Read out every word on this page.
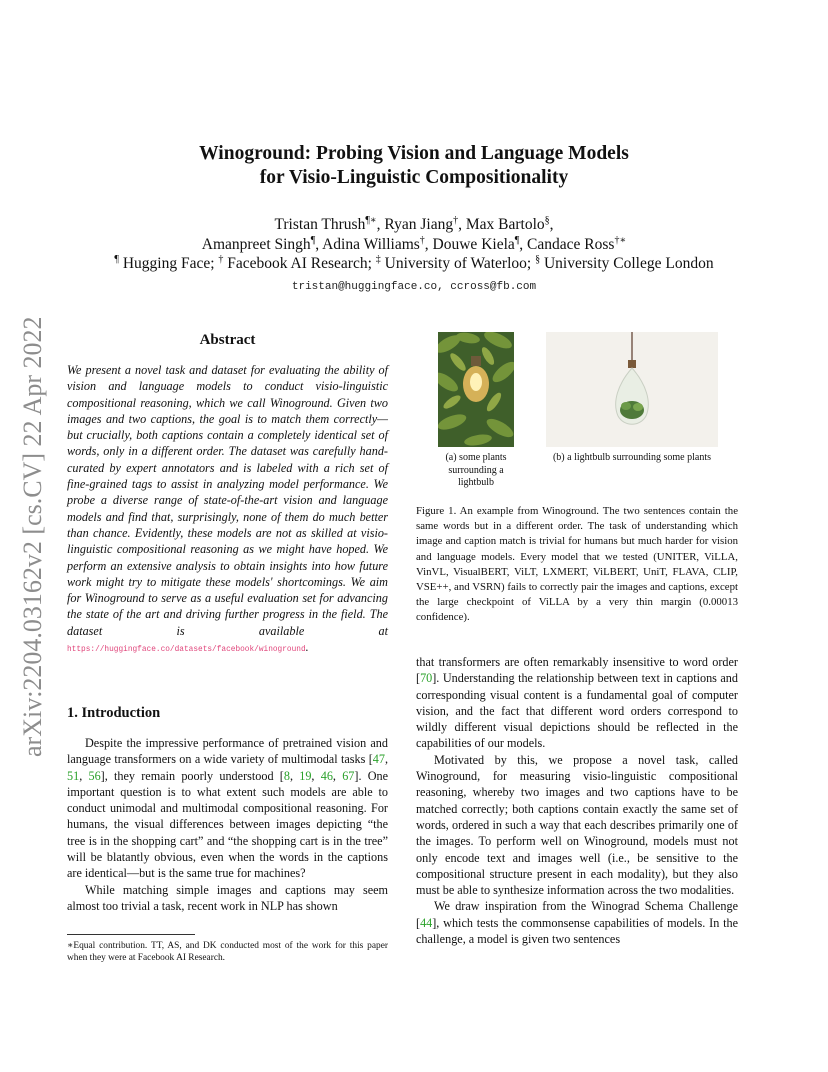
arXiv:2204.03162v2 [cs.CV] 22 Apr 2022
Winoground: Probing Vision and Language Models
for Visio-Linguistic Compositionality
Tristan Thrush¶∗, Ryan Jiang†, Max Bartolo§,
Amanpreet Singh¶, Adina Williams†, Douwe Kiela¶, Candace Ross†∗
¶ Hugging Face; † Facebook AI Research; ‡ University of Waterloo; § University College London
tristan@huggingface.co, ccross@fb.com
Abstract
We present a novel task and dataset for evaluating the ability of vision and language models to conduct visio-linguistic compositional reasoning, which we call Winoground. Given two images and two captions, the goal is to match them correctly—but crucially, both captions contain a completely identical set of words, only in a different order. The dataset was carefully hand-curated by expert annotators and is labeled with a rich set of fine-grained tags to assist in analyzing model performance. We probe a diverse range of state-of-the-art vision and language models and find that, surprisingly, none of them do much better than chance. Evidently, these models are not as skilled at visio-linguistic compositional reasoning as we might have hoped. We perform an extensive analysis to obtain insights into how future work might try to mitigate these models' shortcomings. We aim for Winoground to serve as a useful evaluation set for advancing the state of the art and driving further progress in the field. The dataset is available at https://huggingface.co/datasets/facebook/winoground.
1. Introduction

Despite the impressive performance of pretrained vision and language transformers on a wide variety of multimodal tasks [47, 51, 56], they remain poorly understood [8, 19, 46, 67]. One important question is to what extent such models are able to conduct unimodal and multimodal compositional reasoning. For humans, the visual differences between images depicting “the tree is in the shopping cart” and “the shopping cart is in the tree” will be blatantly obvious, even when the words in the captions are identical—but is the same true for machines?

While matching simple images and captions may seem almost too trivial a task, recent work in NLP has shown

∗Equal contribution. TT, AS, and DK conducted most of the work for this paper when they were at Facebook AI Research.
(a) some plants surrounding a lightbulb
(b) a lightbulb surrounding some plants
Figure 1. An example from Winoground. The two sentences contain the same words but in a different order. The task of understanding which image and caption match is trivial for humans but much harder for vision and language models. Every model that we tested (UNITER, ViLLA, VinVL, VisualBERT, ViLT, LXMERT, ViLBERT, UniT, FLAVA, CLIP, VSE++, and VSRN) fails to correctly pair the images and captions, except the large checkpoint of ViLLA by a very thin margin (0.00013 confidence).

that transformers are often remarkably insensitive to word order [70]. Understanding the relationship between text in captions and corresponding visual content is a fundamental goal of computer vision, and the fact that different word orders correspond to wildly different visual depictions should be reflected in the capabilities of our models.

Motivated by this, we propose a novel task, called Winoground, for measuring visio-linguistic compositional reasoning, whereby two images and two captions have to be matched correctly; both captions contain exactly the same set of words, ordered in such a way that each describes primarily one of the images. To perform well on Winoground, models must not only encode text and images well (i.e., be sensitive to the compositional structure present in each modality), but they also must be able to synthesize information across the two modalities.

We draw inspiration from the Winograd Schema Challenge [44], which tests the commonsense capabilities of models. In the challenge, a model is given two sentences
